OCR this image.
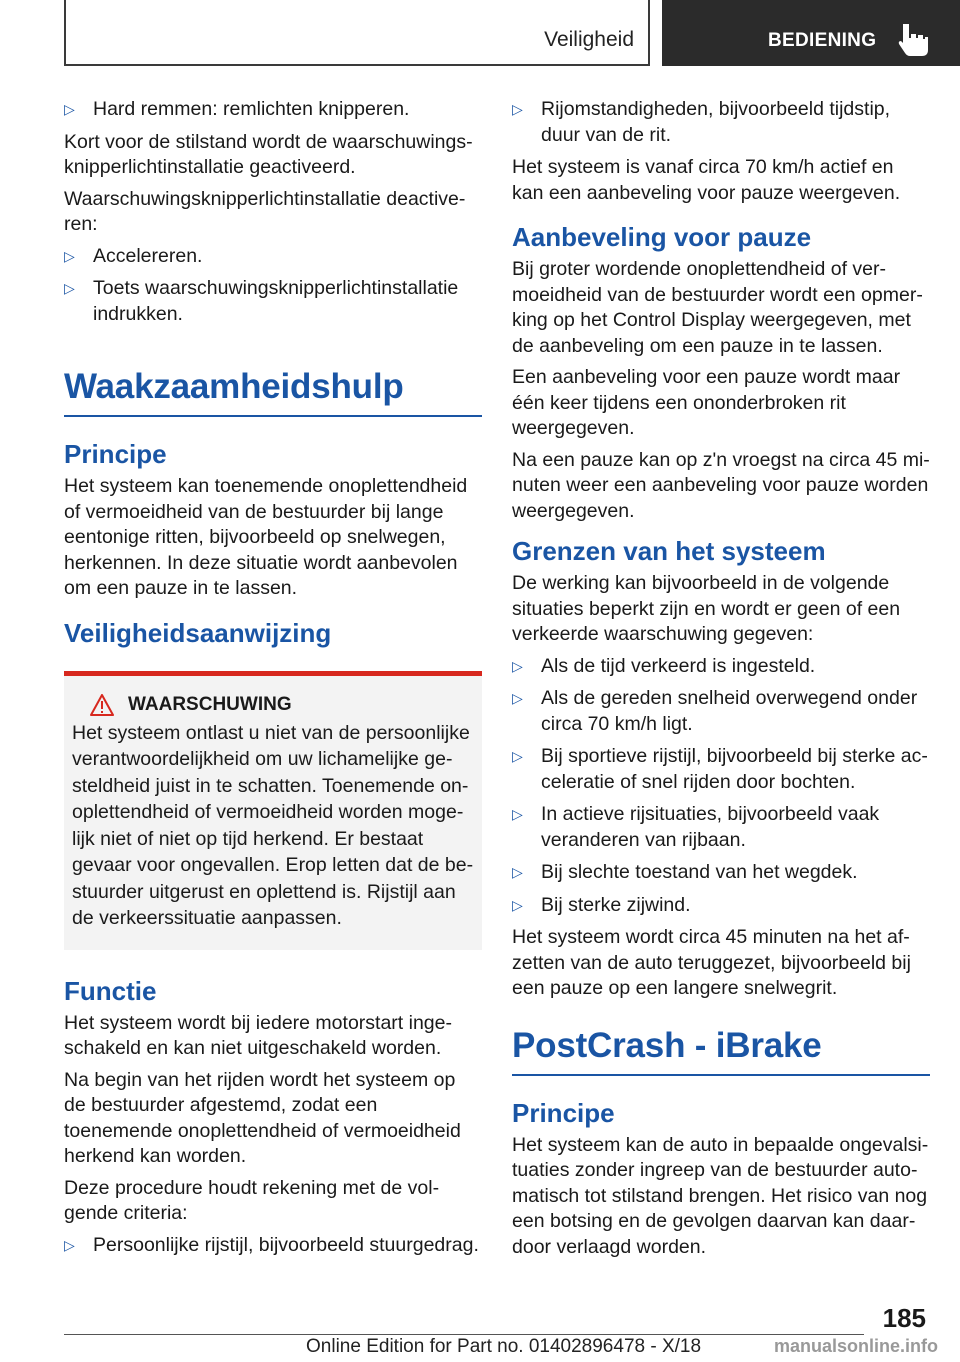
Veiligheid	BEDIENING
▷ Hard remmen: remlichten knipperen.

Kort voor de stilstand wordt de waarschuwingsknipperlichtinstallatie geactiveerd.

Waarschuwingsknipperlichtinstallatie deactiveren:

▷ Accelereren.
▷ Toets waarschuwingsknipperlichtinstallatie indrukken.
Waakzaamheidshulp
Principe

Het systeem kan toenemende onoplettendheid of vermoeidheid van de bestuurder bij lange eentonige ritten, bijvoorbeeld op snelwegen, herkennen. In deze situatie wordt aanbevolen om een pauze in te lassen.

Veiligheidsaanwijzing
WAARSCHUWING
Het systeem ontlast u niet van de persoonlijke verantwoordelijkheid om uw lichamelijke gesteldheid juist in te schatten. Toenemende onoplettendheid of vermoeidheid worden mogelijk niet of niet op tijd herkend. Er bestaat gevaar voor ongevallen. Erop letten dat de bestuurder uitgerust en oplettend is. Rijstijl aan de verkeerssituatie aanpassen.
Functie

Het systeem wordt bij iedere motorstart ingeschakeld en kan niet uitgeschakeld worden.

Na begin van het rijden wordt het systeem op de bestuurder afgestemd, zodat een toenemende onoplettendheid of vermoeidheid herkend kan worden.

Deze procedure houdt rekening met de volgende criteria:

▷ Persoonlijke rijstijl, bijvoorbeeld stuurgedrag.
▷ Rijomstandigheden, bijvoorbeeld tijdstip, duur van de rit.

Het systeem is vanaf circa 70 km/h actief en kan een aanbeveling voor pauze weergeven.

Aanbeveling voor pauze

Bij groter wordende onoplettendheid of vermoeidheid van de bestuurder wordt een opmerking op het Control Display weergegeven, met de aanbeveling om een pauze in te lassen.

Een aanbeveling voor een pauze wordt maar één keer tijdens een ononderbroken rit weergegeven.

Na een pauze kan op z'n vroegst na circa 45 minuten weer een aanbeveling voor pauze worden weergegeven.

Grenzen van het systeem

De werking kan bijvoorbeeld in de volgende situaties beperkt zijn en wordt er geen of een verkeerde waarschuwing gegeven:

▷ Als de tijd verkeerd is ingesteld.
▷ Als de gereden snelheid overwegend onder circa 70 km/h ligt.
▷ Bij sportieve rijstijl, bijvoorbeeld bij sterke acceleratie of snel rijden door bochten.
▷ In actieve rijsituaties, bijvoorbeeld vaak veranderen van rijbaan.
▷ Bij slechte toestand van het wegdek.
▷ Bij sterke zijwind.

Het systeem wordt circa 45 minuten na het afzetten van de auto teruggezet, bijvoorbeeld bij een pauze op een langere snelwegrit.

PostCrash - iBrake
Principe

Het systeem kan de auto in bepaalde ongevalsituaties zonder ingreep van de bestuurder automatisch tot stilstand brengen. Het risico van nog een botsing en de gevolgen daarvan kan daardoor verlaagd worden.

185
Online Edition for Part no. 01402896478 - X/18	manualsonline.info
